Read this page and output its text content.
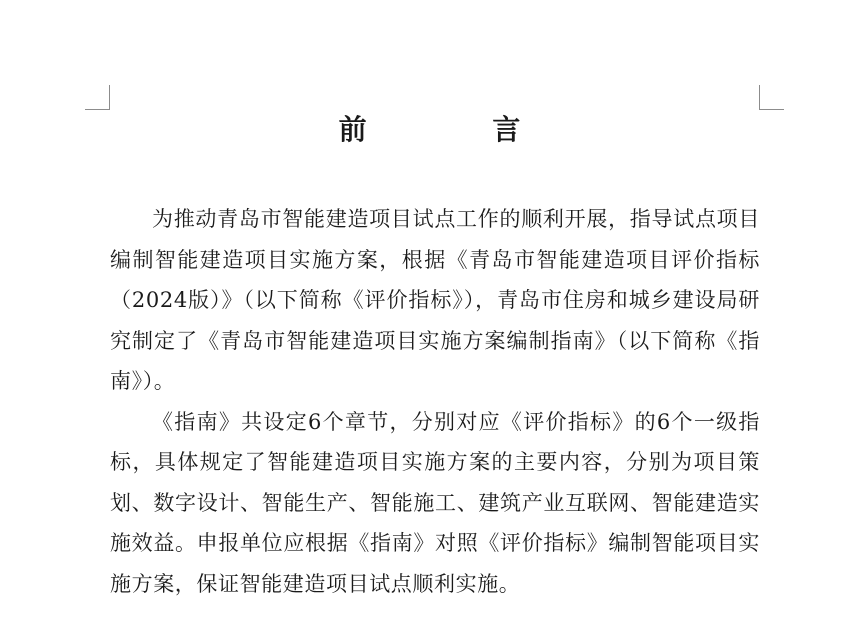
前 言

为推动青岛市智能建造项目试点工作的顺利开展，指导试点项目编制智能建造项目实施方案，根据《青岛市智能建造项目评价指标（2024版）》（以下简称《评价指标》），青岛市住房和城乡建设局研究制定了《青岛市智能建造项目实施方案编制指南》（以下简称《指南》）。

《指南》共设定6个章节，分别对应《评价指标》的6个一级指标，具体规定了智能建造项目实施方案的主要内容，分别为项目策划、数字设计、智能生产、智能施工、建筑产业互联网、智能建造实施效益。申报单位应根据《指南》对照《评价指标》编制智能项目实施方案，保证智能建造项目试点顺利实施。
